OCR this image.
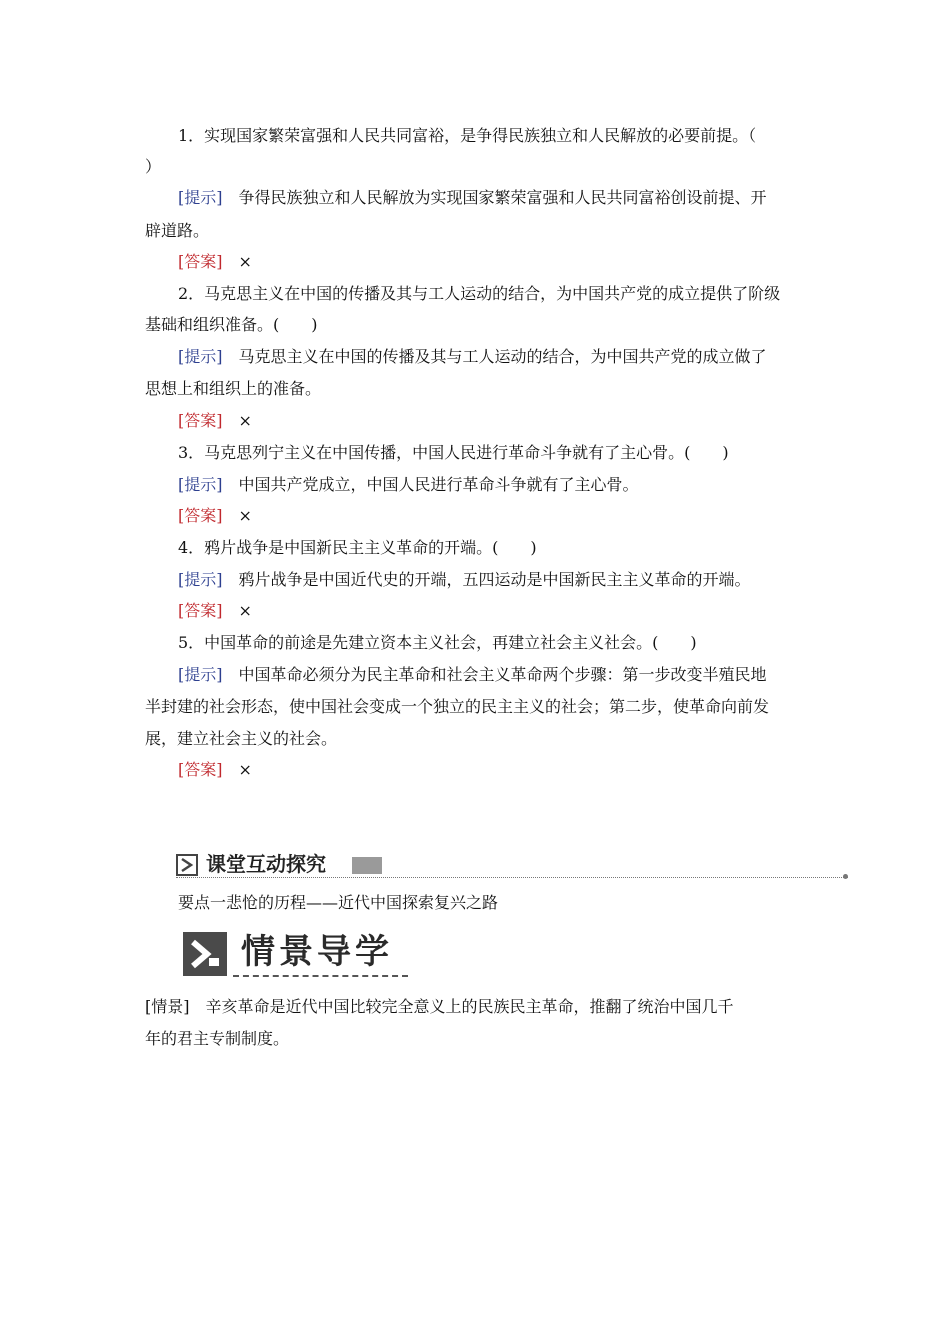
1．实现国家繁荣富强和人民共同富裕，是争得民族独立和人民解放的必要前提。（
）
[提示]　 争得民族独立和人民解放为实现国家繁荣富强和人民共同富裕创设前提、开
辟道路。
[答案]　 ×
2．马克思主义在中国的传播及其与工人运动的结合，为中国共产党的成立提供了阶级
基础和组织准备。(　　)
[提示]　 马克思主义在中国的传播及其与工人运动的结合，为中国共产党的成立做了
思想上和组织上的准备。
[答案]　 ×
3．马克思列宁主义在中国传播，中国人民进行革命斗争就有了主心骨。(　　)
[提示]　 中国共产党成立，中国人民进行革命斗争就有了主心骨。
[答案]　 ×
4．鸦片战争是中国新民主主义革命的开端。(　　)
[提示]　 鸦片战争是中国近代史的开端，五四运动是中国新民主主义革命的开端。
[答案]　 ×
5．中国革命的前途是先建立资本主义社会，再建立社会主义社会。(　　)
[提示]　 中国革命必须分为民主革命和社会主义革命两个步骤：第一步改变半殖民地
半封建的社会形态，使中国社会变成一个独立的民主主义的社会；第二步，使革命向前发
展，建立社会主义的社会。
[答案]　 ×
课堂互动探究
要点一悲怆的历程——近代中国探索复兴之路
情景导学
[情景]　 辛亥革命是近代中国比较完全意义上的民族民主革命，推翻了统治中国几千
年的君主专制制度。
